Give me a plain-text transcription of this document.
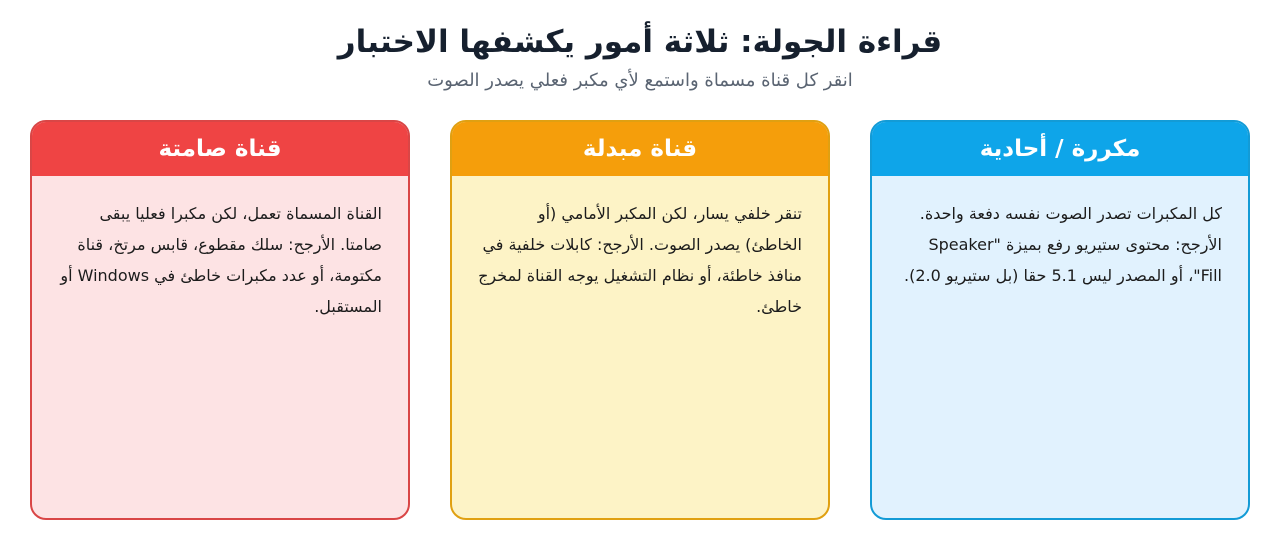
قراءة الجولة: ثلاثة أمور يكشفها الاختبار
انقر كل قناة مسماة واستمع لأي مكبر فعلي يصدر الصوت
مكررة / أحادية
كل المكبرات تصدر الصوت نفسه دفعة واحدة. الأرجح: محتوى ستيريو رفع بميزة "Speaker Fill"، أو المصدر ليس 5.1 حقا (بل ستيريو 2.0).
قناة مبدلة
تنقر خلفي يسار، لكن المكبر الأمامي (أو الخاطئ) يصدر الصوت. الأرجح: كابلات خلفية في منافذ خاطئة، أو نظام التشغيل يوجه القناة لمخرج خاطئ.
قناة صامتة
القناة المسماة تعمل، لكن مكبرا فعليا يبقى صامتا. الأرجح: سلك مقطوع، قابس مرتخ، قناة مكتومة، أو عدد مكبرات خاطئ في Windows أو المستقبل.
